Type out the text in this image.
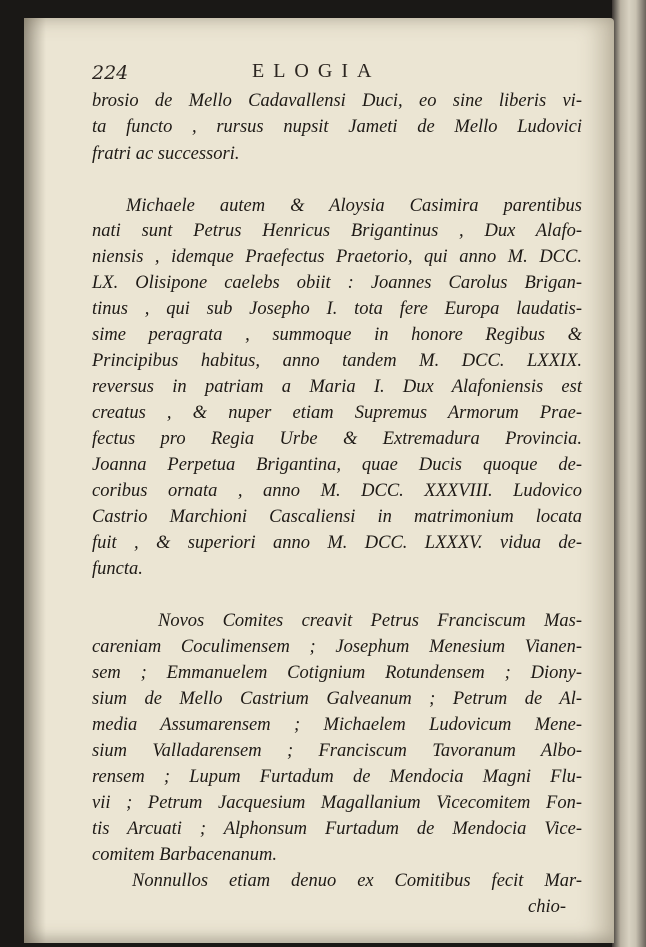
224	ELOGIA
brosio de Mello Cadavallensi Duci, eo sine liberis vi-
ta functo , rursus nupsit Jameti de Mello Ludovici
fratri ac successori.
Michaele autem & Aloysia Casimira parentibus
nati sunt Petrus Henricus Brigantinus , Dux Alafo-
niensis , idemque Praefectus Praetorio, qui anno M. DCC.
LX. Olisipone caelebs obiit : Joannes Carolus Brigan-
tinus , qui sub Josepho I. tota fere Europa laudatis-
sime peragrata , summoque in honore Regibus &
Principibus habitus, anno tandem M. DCC. LXXIX.
reversus in patriam a Maria I. Dux Alafoniensis est
creatus , & nuper etiam Supremus Armorum Prae-
fectus pro Regia Urbe & Extremadura Provincia.
Joanna Perpetua Brigantina, quae Ducis quoque de-
coribus ornata , anno M. DCC. XXXVIII. Ludovico
Castrio Marchioni Cascaliensi in matrimonium locata
fuit , & superiori anno M. DCC. LXXXV. vidua de-
functa.
Novos Comites creavit Petrus Franciscum Mas-
careniam Coculimensem ; Josephum Menesium Vianen-
sem ; Emmanuelem Cotignium Rotundensem ; Diony-
sium de Mello Castrium Galveanum ; Petrum de Al-
media Assumarensem ; Michaelem Ludovicum Mene-
sium Valladarensem ; Franciscum Tavoranum Albo-
rensem ; Lupum Furtadum de Mendocia Magni Flu-
vii ; Petrum Jacquesium Magallanium Vicecomitem Fon-
tis Arcuati ; Alphonsum Furtadum de Mendocia Vice-
comitem Barbacenanum.
Nonnullos etiam denuo ex Comitibus fecit Mar-
chio-
